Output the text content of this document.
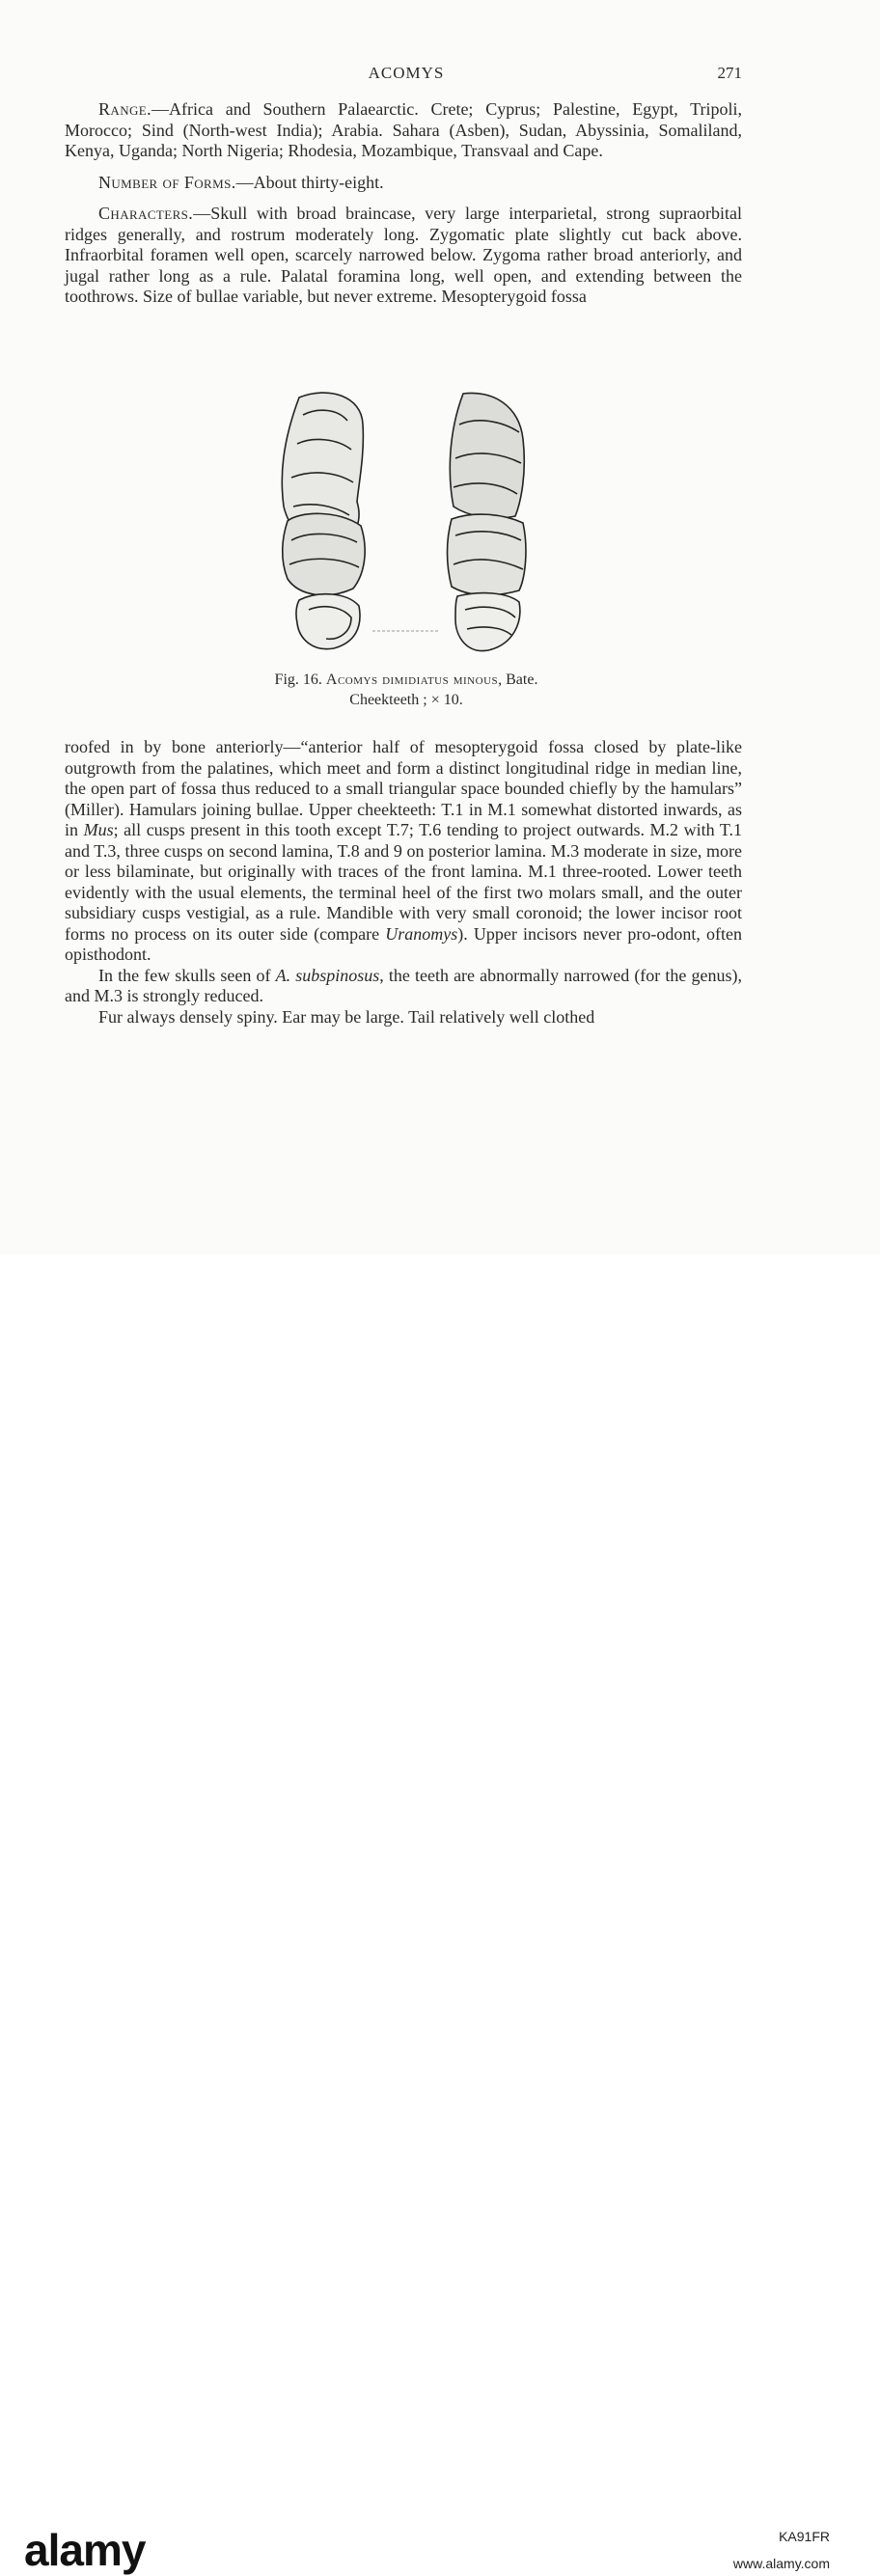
ACOMYS	271

Range.—Africa and Southern Palaearctic. Crete; Cyprus; Palestine, Egypt, Tripoli, Morocco; Sind (North-west India); Arabia. Sahara (Asben), Sudan, Abyssinia, Somaliland, Kenya, Uganda; North Nigeria; Rhodesia, Mozambique, Transvaal and Cape.

Number of Forms.—About thirty-eight.

Characters.—Skull with broad braincase, very large interparietal, strong supraorbital ridges generally, and rostrum moderately long. Zygomatic plate slightly cut back above. Infraorbital foramen well open, scarcely narrowed below. Zygoma rather broad anteriorly, and jugal rather long as a rule. Palatal foramina long, well open, and extending between the toothrows. Size of bullae variable, but never extreme. Mesopterygoid fossa

Fig. 16. Acomys dimidiatus minous, Bate.
Cheekteeth ; × 10.

roofed in by bone anteriorly—“anterior half of mesopterygoid fossa closed by plate-like outgrowth from the palatines, which meet and form a distinct longitudinal ridge in median line, the open part of fossa thus reduced to a small triangular space bounded chiefly by the hamulars” (Miller). Hamulars joining bullae. Upper cheekteeth: T.1 in M.1 somewhat distorted inwards, as in Mus; all cusps present in this tooth except T.7; T.6 tending to project outwards. M.2 with T.1 and T.3, three cusps on second lamina, T.8 and 9 on posterior lamina. M.3 moderate in size, more or less bilaminate, but originally with traces of the front lamina. M.1 three-rooted. Lower teeth evidently with the usual elements, the terminal heel of the first two molars small, and the outer subsidiary cusps vestigial, as a rule. Mandible with very small coronoid; the lower incisor root forms no process on its outer side (compare Uranomys). Upper incisors never pro-odont, often opisthodont.

In the few skulls seen of A. subspinosus, the teeth are abnormally narrowed (for the genus), and M.3 is strongly reduced.

Fur always densely spiny. Ear may be large. Tail relatively well clothed

alamy	KA91FR
www.alamy.com
